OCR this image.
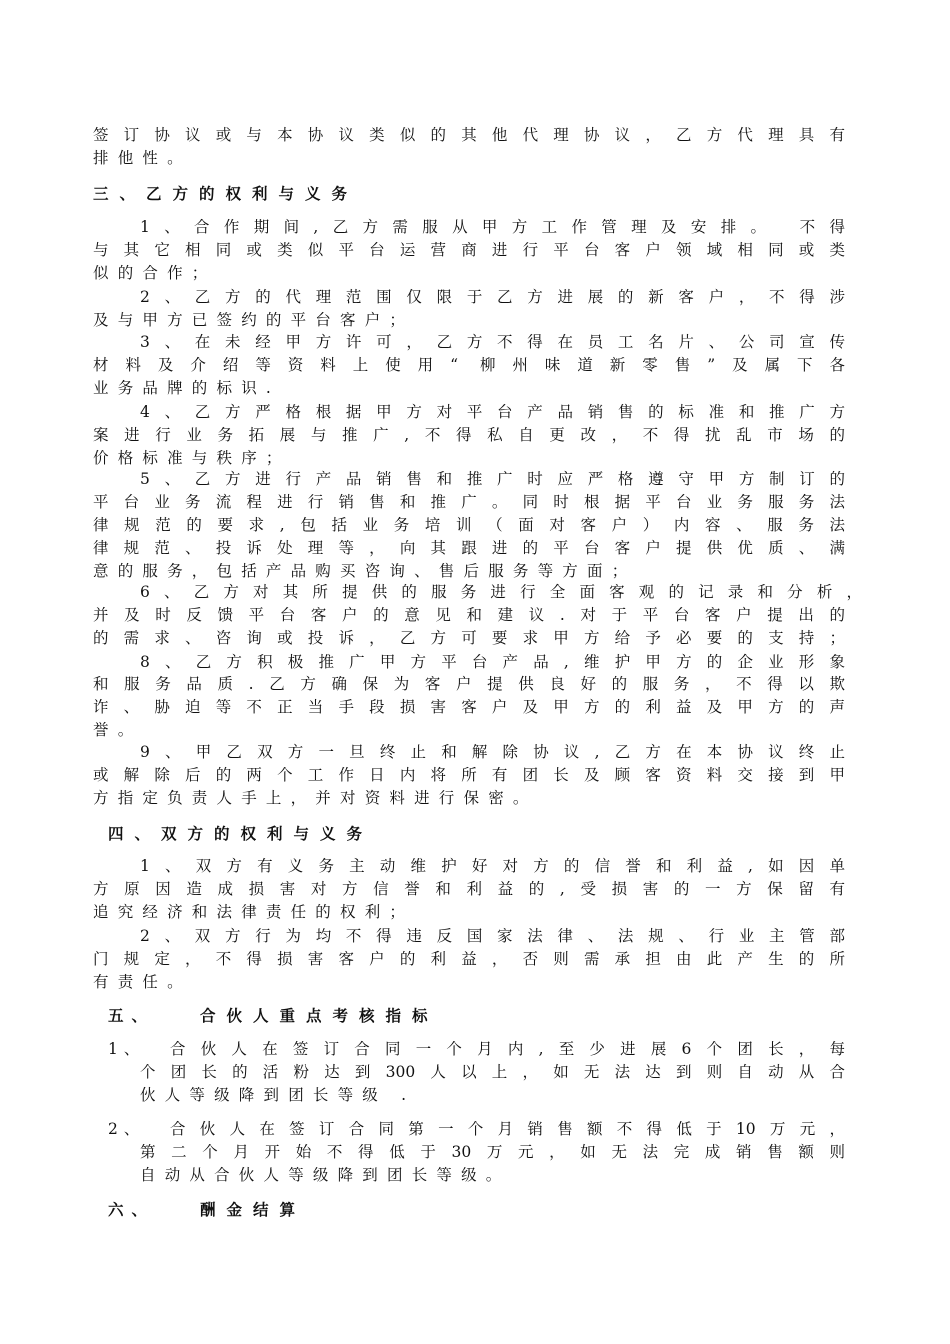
签订协议或与本协议类似的其他代理协议，乙方代理具有
排他性。
三、乙方的权利与义务
1、合作期间,乙方需服从甲方工作管理及安排。 不得
与其它相同或类似平台运营商进行平台客户领域相同或类
似的合作；
2、乙方的代理范围仅限于乙方进展的新客户，不得涉
及与甲方已签约的平台客户；
3、在未经甲方许可，乙方不得在员工名片、公司宣传
材料及介绍等资料上使用“ 柳州味道新零售”及属下各
业务品牌的标识.
4、乙方严格根据甲方对平台产品销售的标准和推广方
案进行业务拓展与推广,不得私自更改，不得扰乱市场的
价格标准与秩序；
5、乙方进行产品销售和推广时应严格遵守甲方制订的
平台业务流程进行销售和推广。同时根据平台业务服务法
律规范的要求,包括业务培训（面对客户）内容、服务法
律规范、投诉处理等，向其跟进的平台客户提供优质、满
意的服务，包括产品购买咨询、售后服务等方面；
6、乙方对其所提供的服务进行全面客观的记录和分析，
并及时反馈平台客户的意见和建议.对于平台客户提出的
的需求、咨询或投诉，乙方可要求甲方给予必要的支持；
8、乙方积极推广甲方平台产品,维护甲方的企业形象
和服务品质.乙方确保为客户提供良好的服务，不得以欺
诈、胁迫等不正当手段损害客户及甲方的利益及甲方的声
誉。
9、甲乙双方一旦终止和解除协议,乙方在本协议终止
或解除后的两个工作日内将所有团长及顾客资料交接到甲
方指定负责人手上，并对资料进行保密。
四、双方的权利与义务
1、双方有义务主动维护好对方的信誉和利益,如因单
方原因造成损害对方信誉和利益的,受损害的一方保留有
追究经济和法律责任的权利；
2、双方行为均不得违反国家法律、法规、行业主管部
门规定，不得损害客户的利益，否则需承担由此产生的所
有责任。
五、	合伙人重点考核指标
1、 合伙人在签订合同一个月内,至少进展6个团长，每
个团长的活粉达到300人以上，如无法达到则自动从合
伙人等级降到团长等级 .
2、 合伙人在签订合同第一个月销售额不得低于10万元，
第二个月开始不得低于30万元，如无法完成销售额则
自动从合伙人等级降到团长等级。
六、	酬金结算
